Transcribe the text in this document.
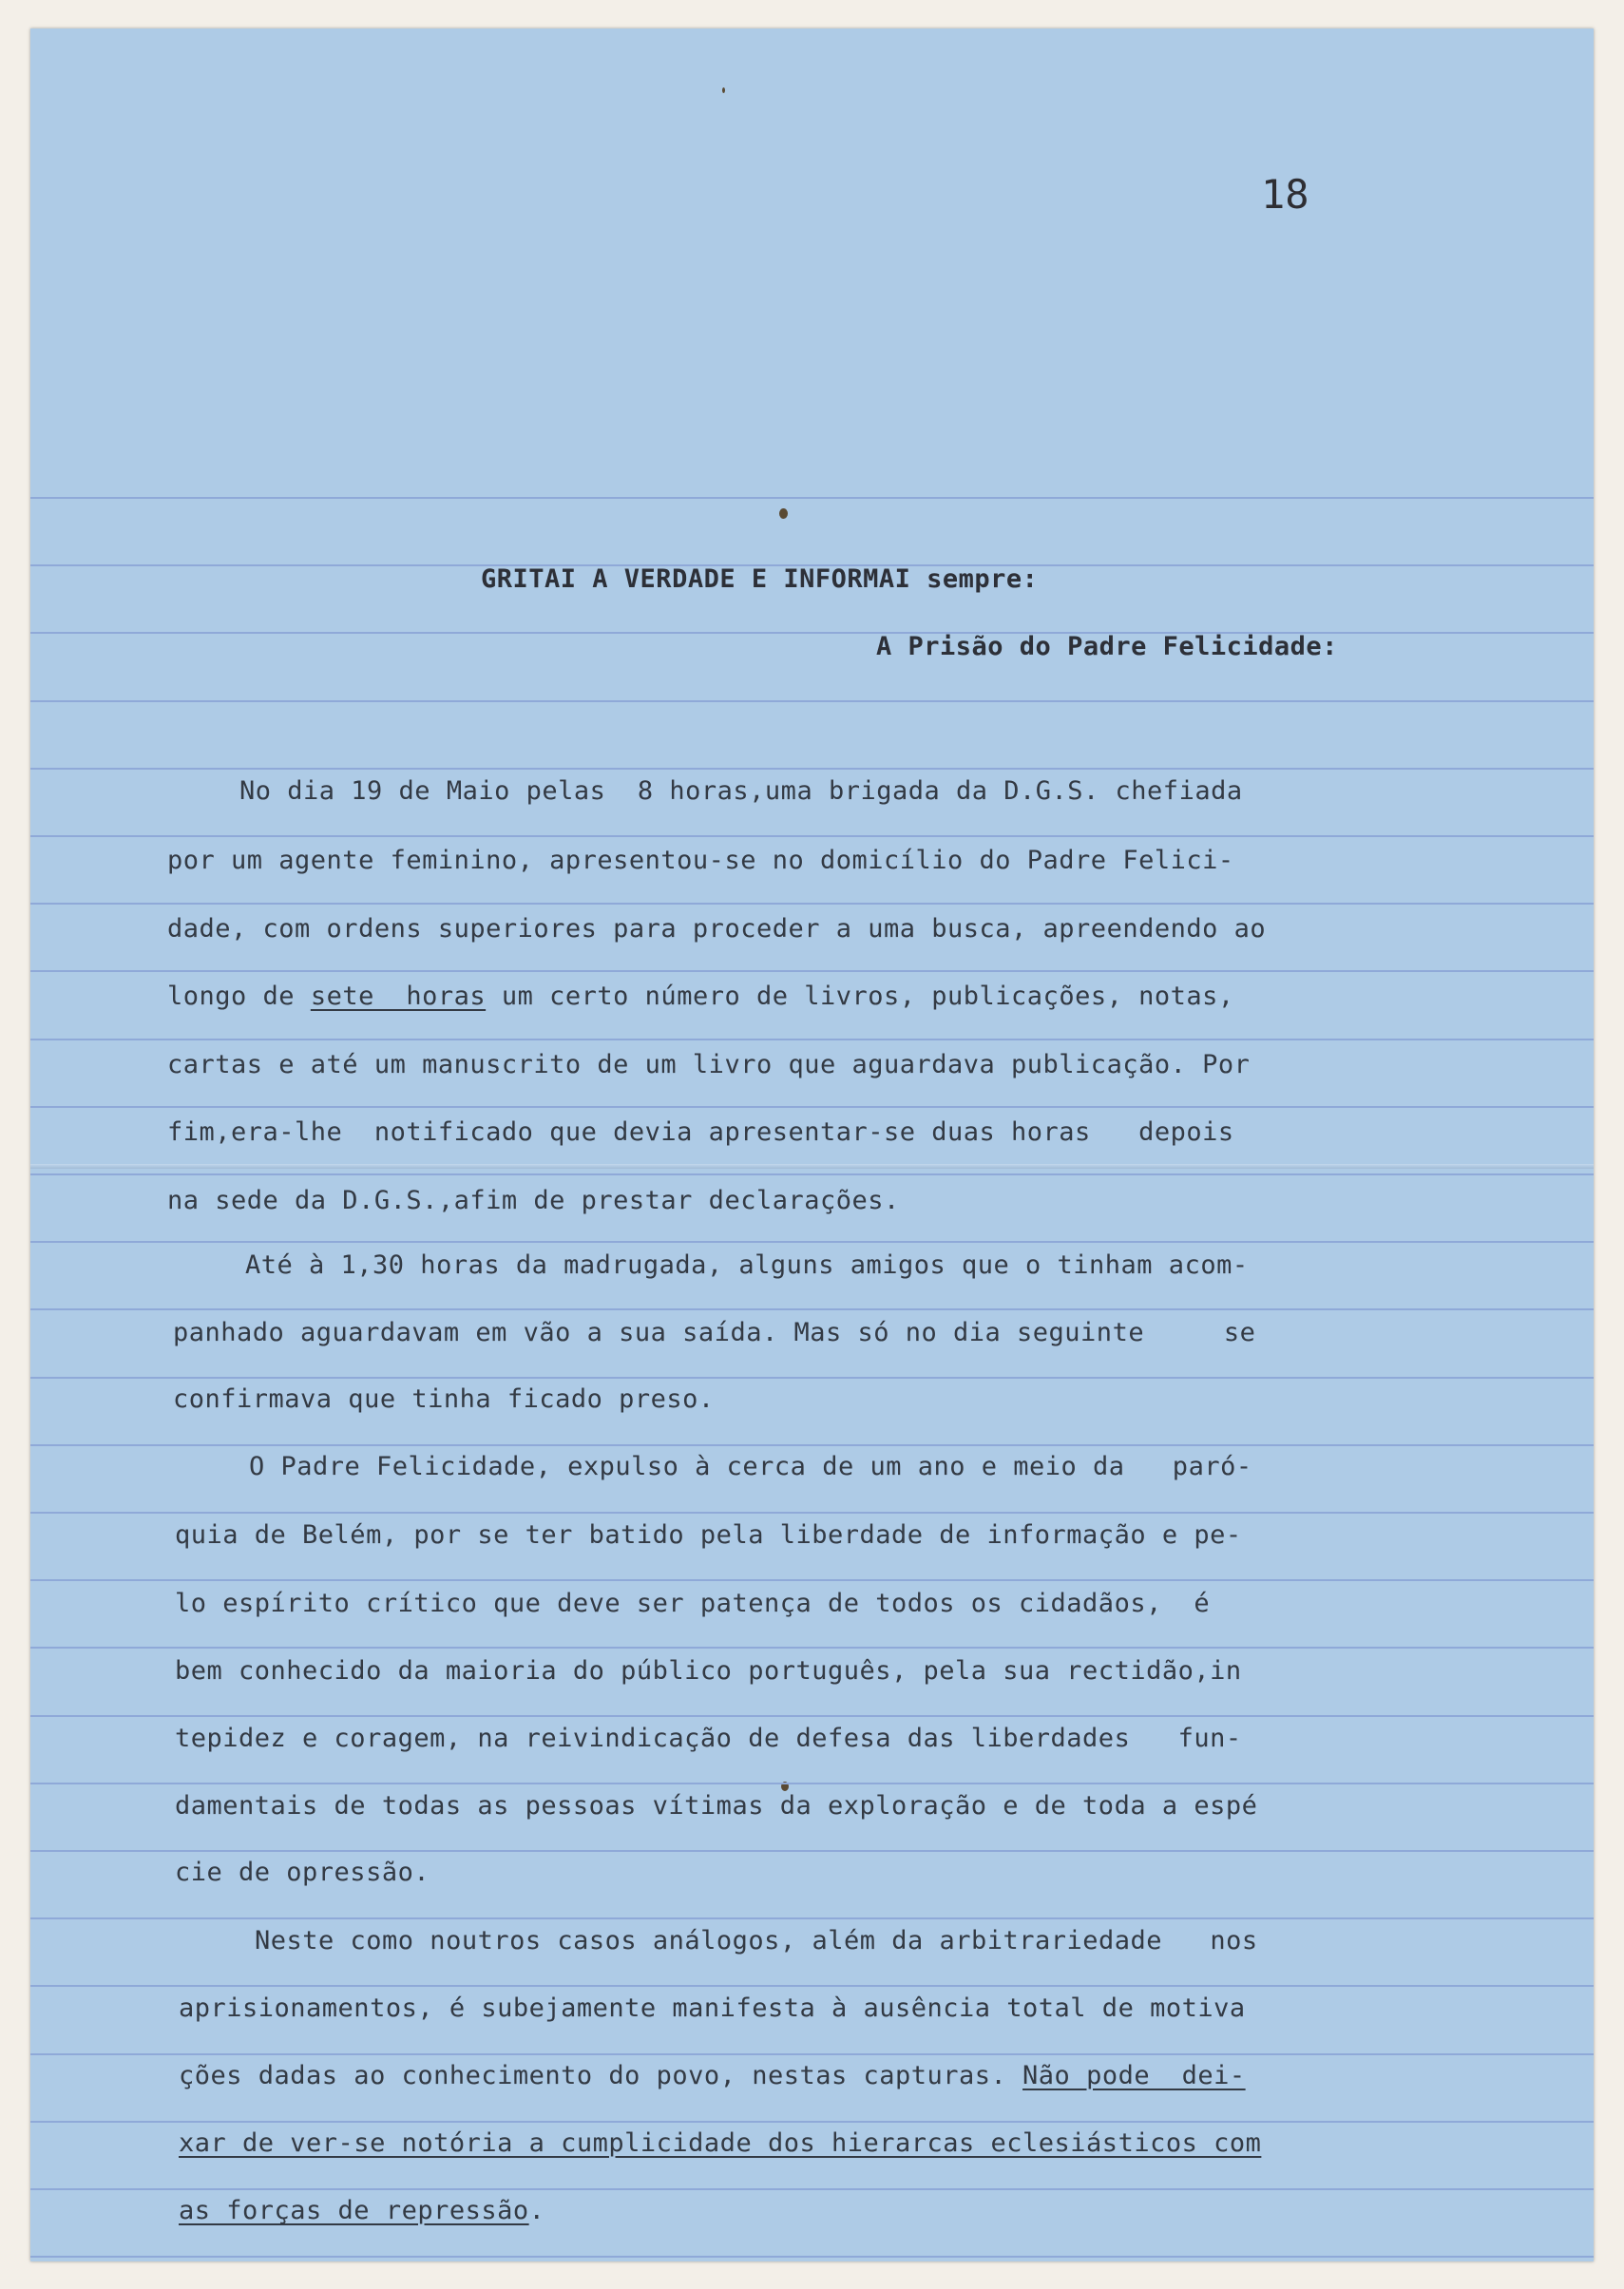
18
GRITAI A VERDADE E INFORMAI sempre:
A Prisão do Padre Felicidade:
No dia 19 de Maio pelas  8 horas,uma brigada da D.G.S. chefiada
por um agente feminino, apresentou-se no domicílio do Padre Felici-
dade, com ordens superiores para proceder a uma busca, apreendendo ao
longo de sete  horas um certo número de livros, publicações, notas,
cartas e até um manuscrito de um livro que aguardava publicação. Por
fim,era-lhe  notificado que devia apresentar-se duas horas   depois
na sede da D.G.S.,afim de prestar declarações.
Até à 1,30 horas da madrugada, alguns amigos que o tinham acom-
panhado aguardavam em vão a sua saída. Mas só no dia seguinte     se
confirmava que tinha ficado preso.
O Padre Felicidade, expulso à cerca de um ano e meio da   paró-
quia de Belém, por se ter batido pela liberdade de informação e pe-
lo espírito crítico que deve ser patença de todos os cidadãos,  é
bem conhecido da maioria do público português, pela sua rectidão,in
tepidez e coragem, na reivindicação de defesa das liberdades   fun-
damentais de todas as pessoas vítimas da exploração e de toda a espé
cie de opressão.
Neste como noutros casos análogos, além da arbitrariedade   nos
aprisionamentos, é subejamente manifesta à ausência total de motiva
ções dadas ao conhecimento do povo, nestas capturas. Não pode  dei-
xar de ver-se notória a cumplicidade dos hierarcas eclesiásticos com
as forças de repressão.
